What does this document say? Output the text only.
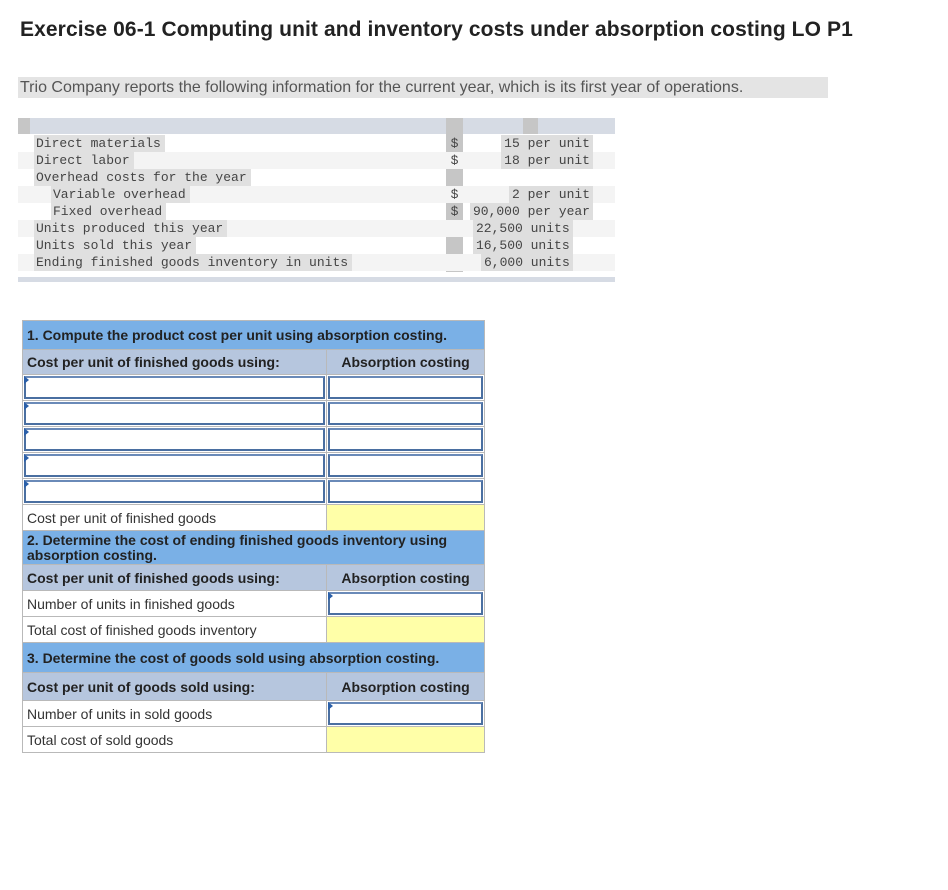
Exercise 06-1 Computing unit and inventory costs under absorption costing LO P1
Trio Company reports the following information for the current year, which is its first year of operations.
Direct materials	$	15 per unit
Direct labor	$	18 per unit
Overhead costs for the year
Variable overhead	$	2 per unit
Fixed overhead	$	90,000 per year
Units produced this year	22,500 units
Units sold this year	16,500 units
Ending finished goods inventory in units	6,000 units
1. Compute the product cost per unit using absorption costing.	
Cost per unit of finished goods using:	Absorption costing

Cost per unit of finished goods	
2. Determine the cost of ending finished goods inventory using absorption costing.	
Cost per unit of finished goods using:	Absorption costing
Number of units in finished goods	

Total cost of finished goods inventory	
3. Determine the cost of goods sold using absorption costing.	
Cost per unit of goods sold using:	Absorption costing
Number of units in sold goods	

Total cost of sold goods	
